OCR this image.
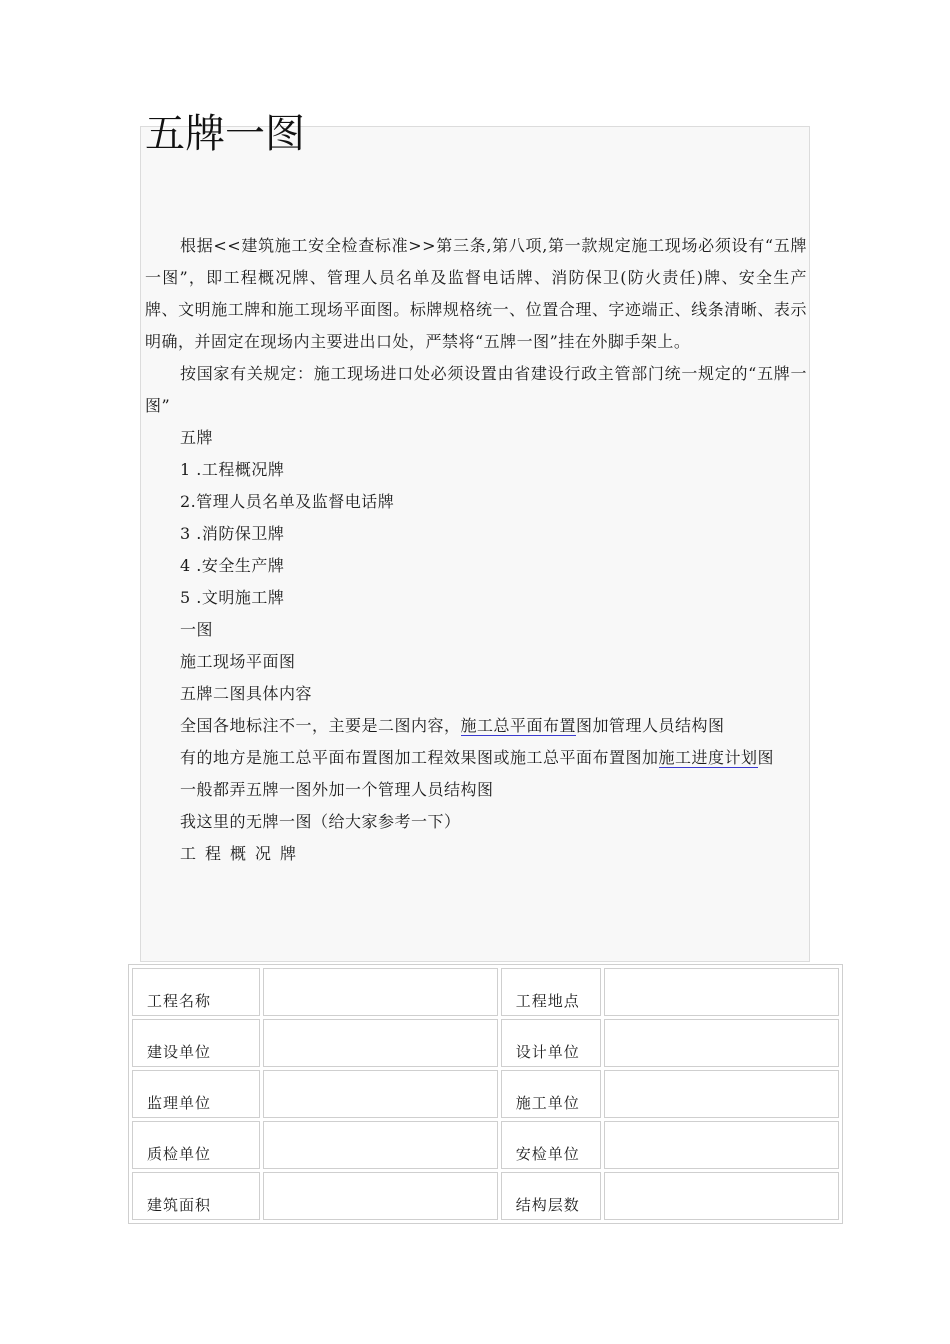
五牌一图

根据<<建筑施工安全检查标准>>第三条,第八项,第一款规定施工现场必须设有“五牌一图”，即工程概况牌、管理人员名单及监督电话牌、消防保卫(防火责任)牌、安全生产牌、文明施工牌和施工现场平面图。标牌规格统一、位置合理、字迹端正、线条清晰、表示明确，并固定在现场内主要进出口处，严禁将“五牌一图”挂在外脚手架上。

按国家有关规定：施工现场进口处必须设置由省建设行政主管部门统一规定的“五牌一图”

五牌

1 .工程概况牌

2.管理人员名单及监督电话牌

3 .消防保卫牌

4 .安全生产牌

5 .文明施工牌

一图

施工现场平面图

五牌二图具体内容

全国各地标注不一，主要是二图内容，施工总平面布置图加管理人员结构图

有的地方是施工总平面布置图加工程效果图或施工总平面布置图加施工进度计划图

一般都弄五牌一图外加一个管理人员结构图

我这里的无牌一图（给大家参考一下）

工程概况牌

工程名称		工程地点	
建设单位		设计单位	
监理单位		施工单位	
质检单位		安检单位	
建筑面积		结构层数	
